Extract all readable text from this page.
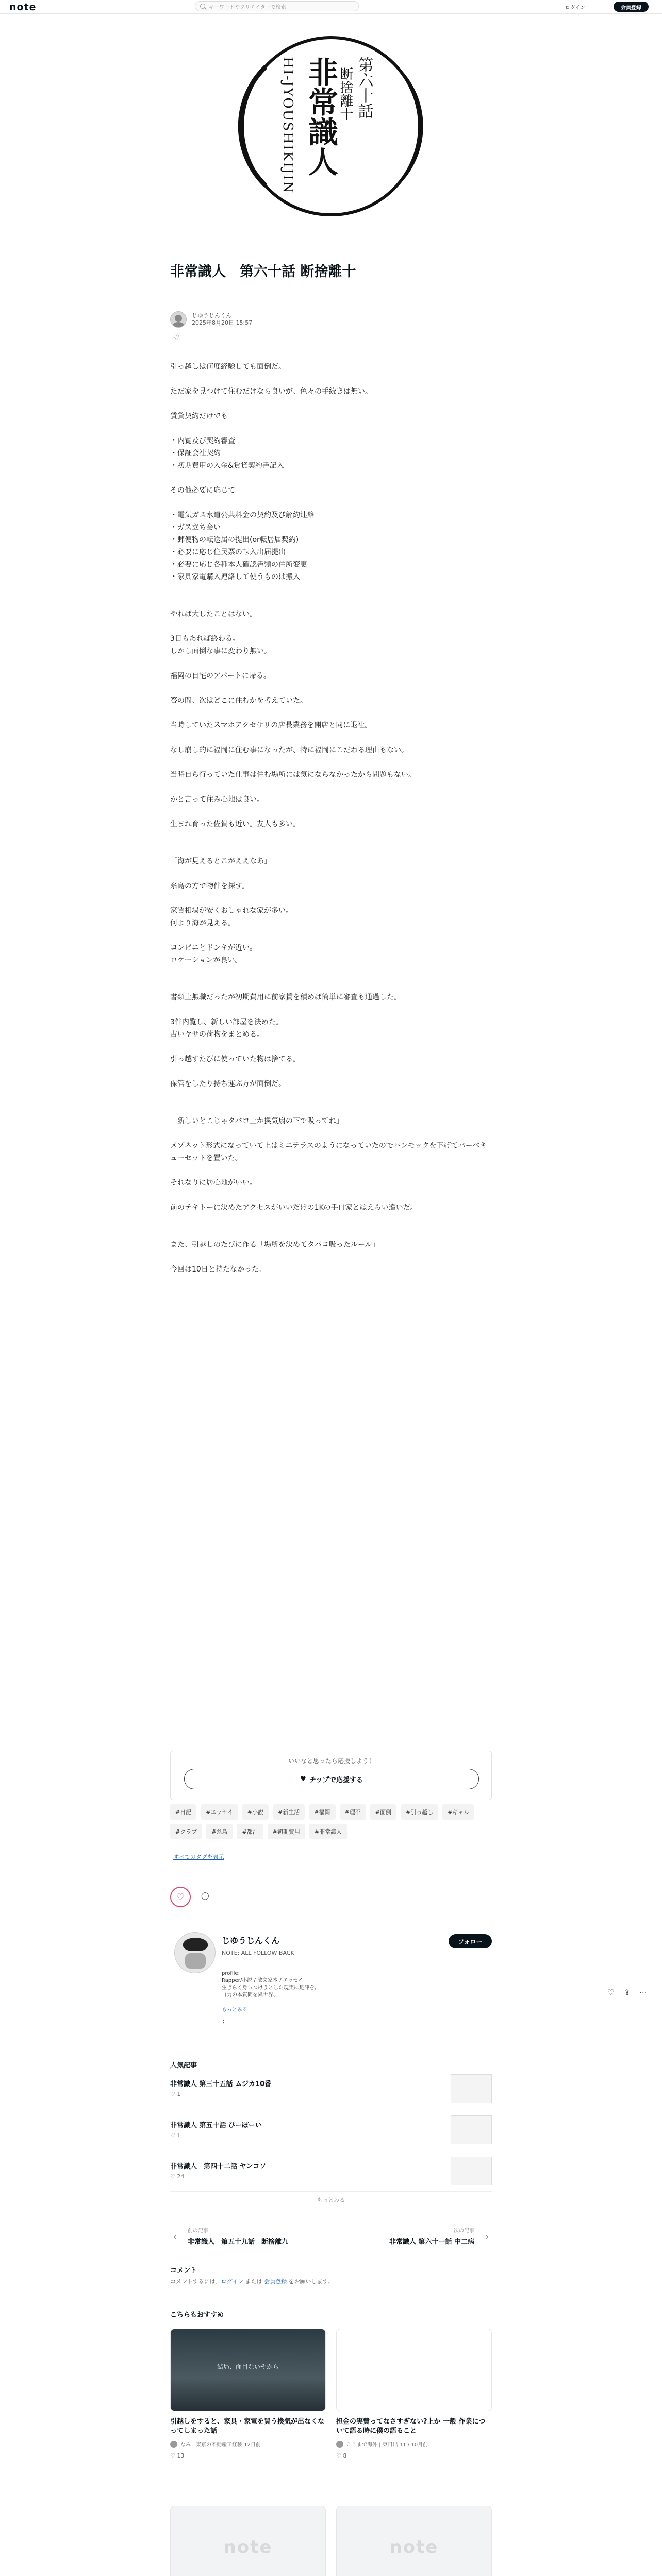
note	キーワードやクリエイターで検索	ログイン	会員登録
非常識人 第六十話
断捨離十
HI-JYOUSHIKIJIN
非常識人　第六十話 断捨離十
じゆうじんくん
2025年8月20日 15:57
♡

引っ越しは何度経験しても面倒だ。

ただ家を見つけて住むだけなら良いが、色々の手続きは無い。

賃貸契約だけでも

・内覧及び契約審査

・保証会社契約

・初期費用の入金&賃貸契約書記入

その他必要に応じて

・電気ガス水道公共料金の契約及び解約連絡

・ガス立ち会い

・郵便物の転送届の提出(or転居届契約)

・必要に応じ住民票の転入出届提出

・必要に応じ各種本人確認書類の住所変更

・家具家電購入連絡して使うものは搬入

やれば大したことはない。

3日もあれば終わる。

しかし面倒な事に変わり無い。

福岡の自宅のアパートに帰る。

答の間、次はどこに住むかを考えていた。

当時していたスマホアクセサリの店長業務を開店と同に退社。

なし崩し的に福岡に住む事になったが、特に福岡にこだわる理由もない。

当時自ら行っていた仕事は住む場所には気にならなかったから問題もない。

かと言って住み心地は良い。

生まれ育った佐賀も近い。友人も多い。

「海が見えるとこがええなあ」

糸島の方で物件を探す。

家賃相場が安くおしゃれな家が多い。

何より海が見える。

コンビニとドンキが近い。

ロケーションが良い。

書類上無職だったが初期費用に前家賃を積めば簡単に審査も通過した。

3件内覧し、新しい部屋を決めた。

古いヤサの荷物をまとめる。

引っ越すたびに使っていた物は捨てる。

保管をしたり持ち運ぶ方が面倒だ。

「新しいとこじゃタバコ上か換気扇の下で吸ってね」

メゾネット形式になっていて上はミニテラスのようになっていたのでハンモックを下げてバーベキューセットを置いた。

それなりに居心地がいい。

前のテキトーに決めたアクセスがいいだけの1Kの手口家とはえらい違いだ。

また、引越しのたびに作る「場所を決めてタバコ吸ったルール」

今回は10日と持たなかった。

いいなと思ったら応援しよう！
♥ チップで応援する
#日記	#エッセイ	#小説	#新生活	#福岡	#理不	#面倒	#引っ越し	#ギャル
#クラブ	#糸島	#都汁	#初期費用	#非常識人
すべてのタグを表示
♡	◯
じゆうじんくん
NOTE: ALL FOLLOW BACK
フォロー
profile:
Rapper/小説 / 散文家本 / エッセイ
生きらく身ぃつけうとした現実に足評を。
自力の本質問を異世界、
もっとみる
⌇
♡ ⇪ ⋯
人気記事
非常識人 第三十五話 ムジカ10番
♡ 1
非常識人 第五十話 ぴーぽーい
♡ 1
非常識人　第四十二話 ヤンコソ
♡ 24
もっとみる
‹
前の記事
非常識人　第五十九話　断捨離九
次の記事
非常識人 第六十一話 中二病 ›
コメント
コメントするには、ログイン または 会員登録 をお願いします。
こちらもおすすめ
結局、面目ないやから
引越しをすると、家具・家電を買う換気が出なくなってしまった話
なみ　東京の不動産工経験 12日前
♡ 13
担金の実費ってなさすぎない?上か 一般 作業について語る時に僕の語ること
ここまで海外 | 東日出 11 / 10月前
♡ 8
note	note
